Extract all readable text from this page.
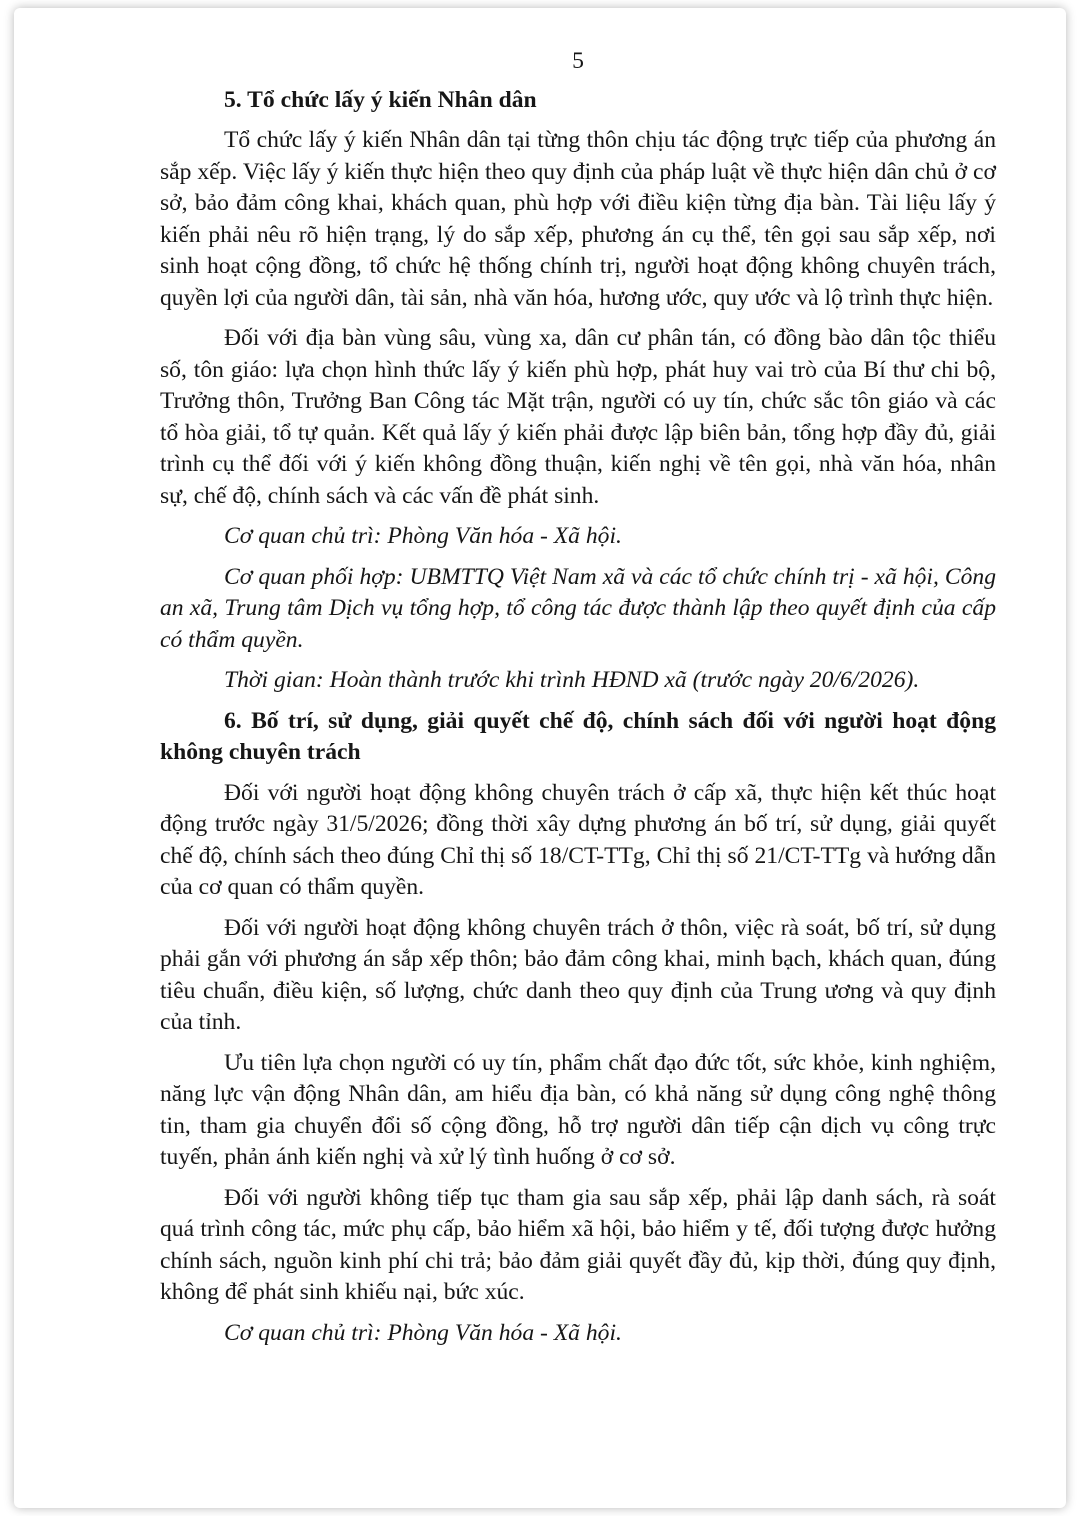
5
5. Tổ chức lấy ý kiến Nhân dân
Tổ chức lấy ý kiến Nhân dân tại từng thôn chịu tác động trực tiếp của phương án sắp xếp. Việc lấy ý kiến thực hiện theo quy định của pháp luật về thực hiện dân chủ ở cơ sở, bảo đảm công khai, khách quan, phù hợp với điều kiện từng địa bàn. Tài liệu lấy ý kiến phải nêu rõ hiện trạng, lý do sắp xếp, phương án cụ thể, tên gọi sau sắp xếp, nơi sinh hoạt cộng đồng, tổ chức hệ thống chính trị, người hoạt động không chuyên trách, quyền lợi của người dân, tài sản, nhà văn hóa, hương ước, quy ước và lộ trình thực hiện.
Đối với địa bàn vùng sâu, vùng xa, dân cư phân tán, có đồng bào dân tộc thiểu số, tôn giáo: lựa chọn hình thức lấy ý kiến phù hợp, phát huy vai trò của Bí thư chi bộ, Trưởng thôn, Trưởng Ban Công tác Mặt trận, người có uy tín, chức sắc tôn giáo và các tổ hòa giải, tổ tự quản. Kết quả lấy ý kiến phải được lập biên bản, tổng hợp đầy đủ, giải trình cụ thể đối với ý kiến không đồng thuận, kiến nghị về tên gọi, nhà văn hóa, nhân sự, chế độ, chính sách và các vấn đề phát sinh.
Cơ quan chủ trì: Phòng Văn hóa - Xã hội.
Cơ quan phối hợp: UBMTTQ Việt Nam xã và các tổ chức chính trị - xã hội, Công an xã, Trung tâm Dịch vụ tổng hợp, tổ công tác được thành lập theo quyết định của cấp có thẩm quyền.
Thời gian: Hoàn thành trước khi trình HĐND xã (trước ngày 20/6/2026).
6. Bố trí, sử dụng, giải quyết chế độ, chính sách đối với người hoạt động không chuyên trách
Đối với người hoạt động không chuyên trách ở cấp xã, thực hiện kết thúc hoạt động trước ngày 31/5/2026; đồng thời xây dựng phương án bố trí, sử dụng, giải quyết chế độ, chính sách theo đúng Chỉ thị số 18/CT-TTg, Chỉ thị số 21/CT-TTg và hướng dẫn của cơ quan có thẩm quyền.
Đối với người hoạt động không chuyên trách ở thôn, việc rà soát, bố trí, sử dụng phải gắn với phương án sắp xếp thôn; bảo đảm công khai, minh bạch, khách quan, đúng tiêu chuẩn, điều kiện, số lượng, chức danh theo quy định của Trung ương và quy định của tỉnh.
Ưu tiên lựa chọn người có uy tín, phẩm chất đạo đức tốt, sức khỏe, kinh nghiệm, năng lực vận động Nhân dân, am hiểu địa bàn, có khả năng sử dụng công nghệ thông tin, tham gia chuyển đổi số cộng đồng, hỗ trợ người dân tiếp cận dịch vụ công trực tuyến, phản ánh kiến nghị và xử lý tình huống ở cơ sở.
Đối với người không tiếp tục tham gia sau sắp xếp, phải lập danh sách, rà soát quá trình công tác, mức phụ cấp, bảo hiểm xã hội, bảo hiểm y tế, đối tượng được hưởng chính sách, nguồn kinh phí chi trả; bảo đảm giải quyết đầy đủ, kịp thời, đúng quy định, không để phát sinh khiếu nại, bức xúc.
Cơ quan chủ trì: Phòng Văn hóa - Xã hội.
